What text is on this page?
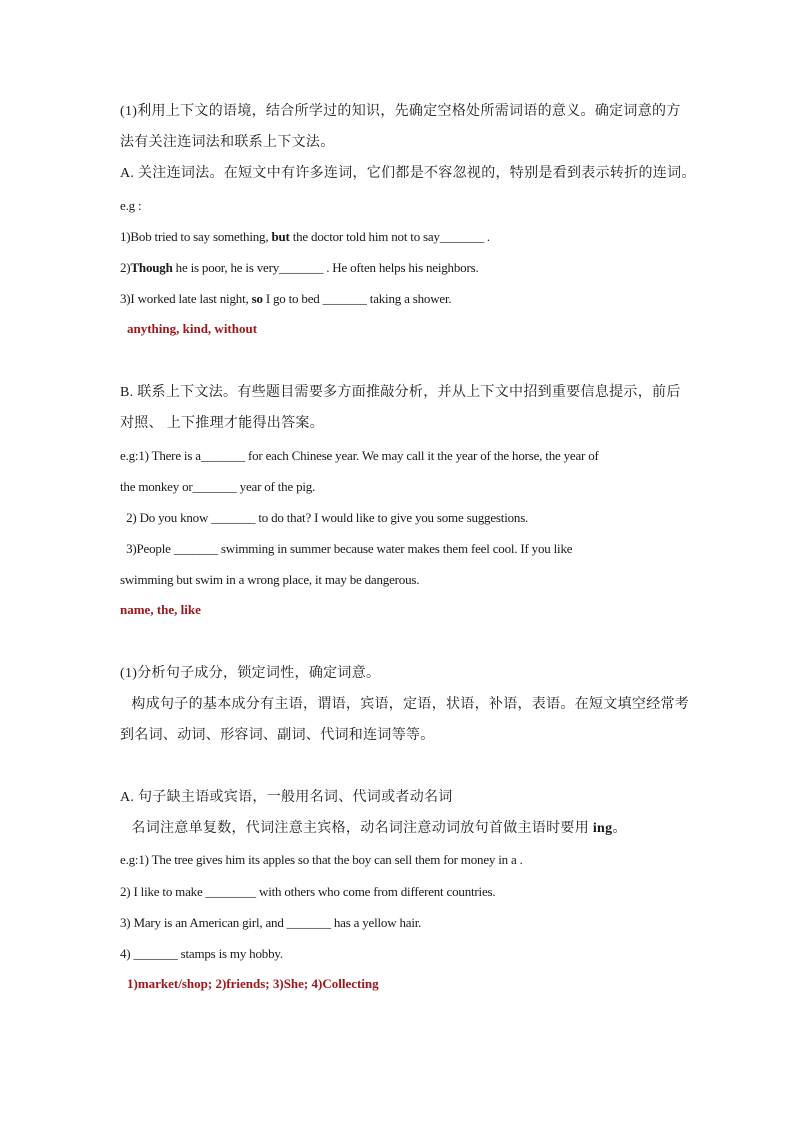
(1)利用上下文的语境，结合所学过的知识，先确定空格处所需词语的意义。确定词意的方
法有关注连词法和联系上下文法。
A. 关注连词法。在短文中有许多连词，它们都是不容忽视的，特别是看到表示转折的连词。
e.g :
1)Bob tried to say something, but the doctor told him not to say_______ .
2)Though he is poor, he is very_______ . He often helps his neighbors.
3)I worked late last night, so I go to bed _______ taking a shower.
anything, kind, without
B. 联系上下文法。有些题目需要多方面推敲分析，并从上下文中招到重要信息提示，前后
对照、 上下推理才能得出答案。
e.g:1) There is a_______ for each Chinese year. We may call it the year of the horse, the year of
the monkey or_______ year of the pig.
2) Do you know _______ to do that? I would like to give you some suggestions.
3)People _______ swimming in summer because water makes them feel cool. If you like
swimming but swim in a wrong place, it may be dangerous.
name, the, like
(1)分析句子成分，锁定词性，确定词意。
构成句子的基本成分有主语，谓语，宾语，定语，状语，补语，表语。在短文填空经常考
到名词、动词、形容词、副词、代词和连词等等。
A. 句子缺主语或宾语，一般用名词、代词或者动名词
名词注意单复数，代词注意主宾格，动名词注意动词放句首做主语时要用 ing。
e.g:1) The tree gives him its apples so that the boy can sell them for money in a .
2) I like to make ________ with others who come from different countries.
3) Mary is an American girl, and _______ has a yellow hair.
4) _______ stamps is my hobby.
1)market/shop; 2)friends; 3)She; 4)Collecting
